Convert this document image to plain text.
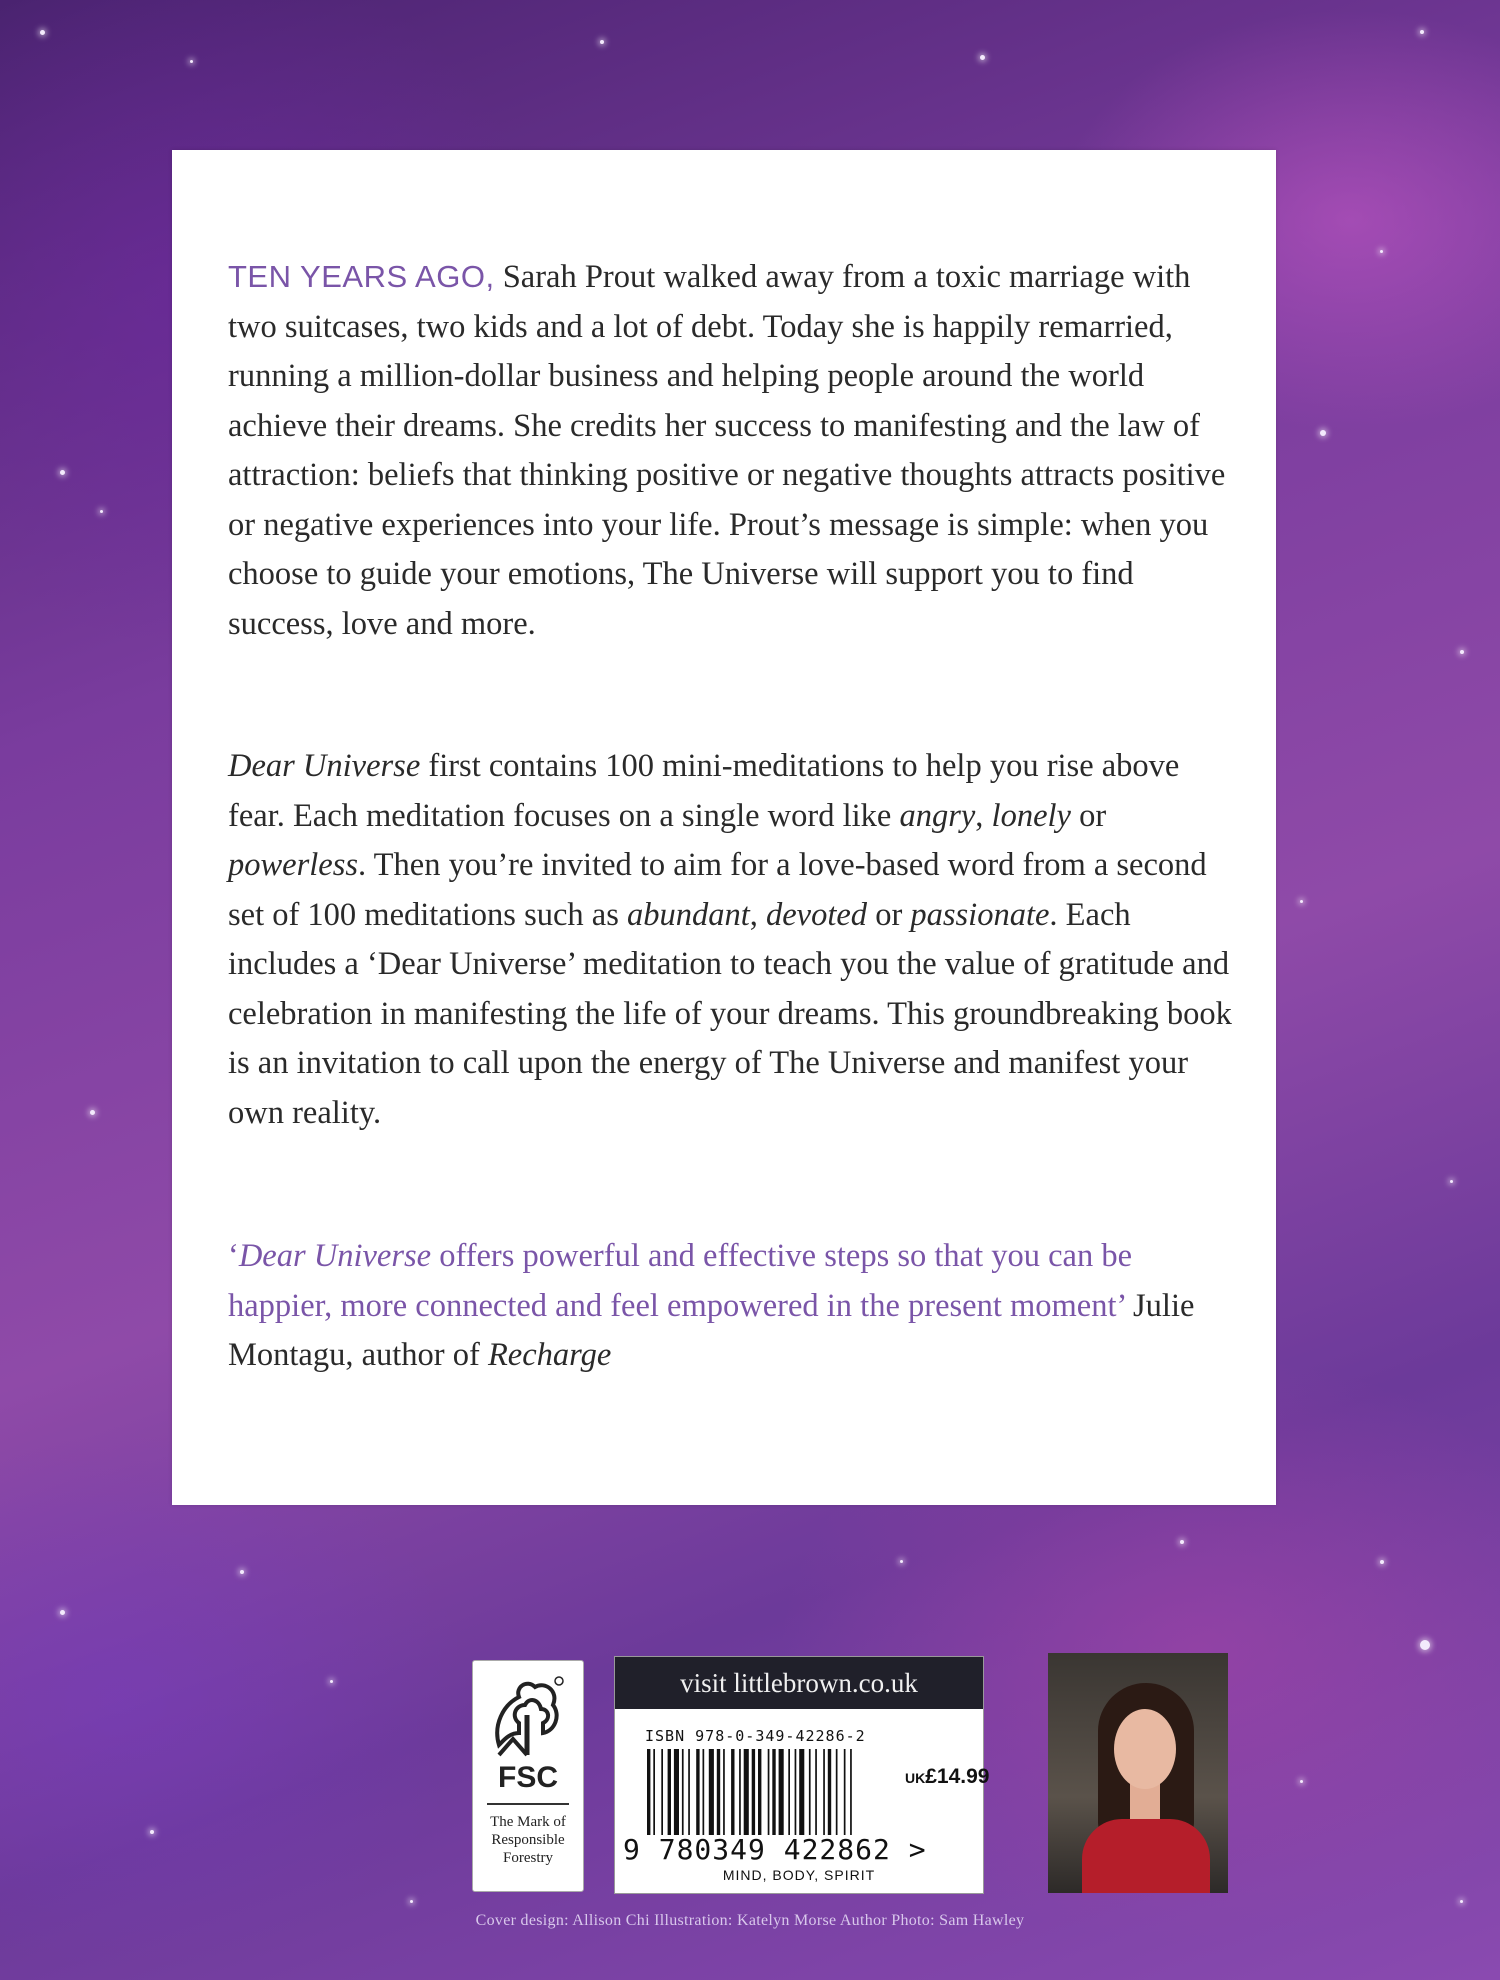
TEN YEARS AGO, Sarah Prout walked away from a toxic marriage with two suitcases, two kids and a lot of debt. Today she is happily remarried, running a million-dollar business and helping people around the world achieve their dreams. She credits her success to manifesting and the law of attraction: beliefs that thinking positive or negative thoughts attracts positive or negative experiences into your life. Prout’s message is simple: when you choose to guide your emotions, The Universe will support you to find success, love and more.
Dear Universe first contains 100 mini-meditations to help you rise above fear. Each meditation focuses on a single word like angry, lonely or powerless. Then you’re invited to aim for a love-based word from a second set of 100 meditations such as abundant, devoted or passionate. Each includes a ‘Dear Universe’ meditation to teach you the value of gratitude and celebration in manifesting the life of your dreams. This groundbreaking book is an invitation to call upon the energy of The Universe and manifest your own reality.
‘Dear Universe offers powerful and effective steps so that you can be happier, more connected and feel empowered in the present moment’ Julie Montagu, author of Recharge
FSC
The Mark of
Responsible
Forestry
visit littlebrown.co.uk
ISBN 978-0-349-42286-2
UK£14.99
9 780349 422862 >
MIND, BODY, SPIRIT
Cover design: Allison Chi Illustration: Katelyn Morse Author Photo: Sam Hawley
